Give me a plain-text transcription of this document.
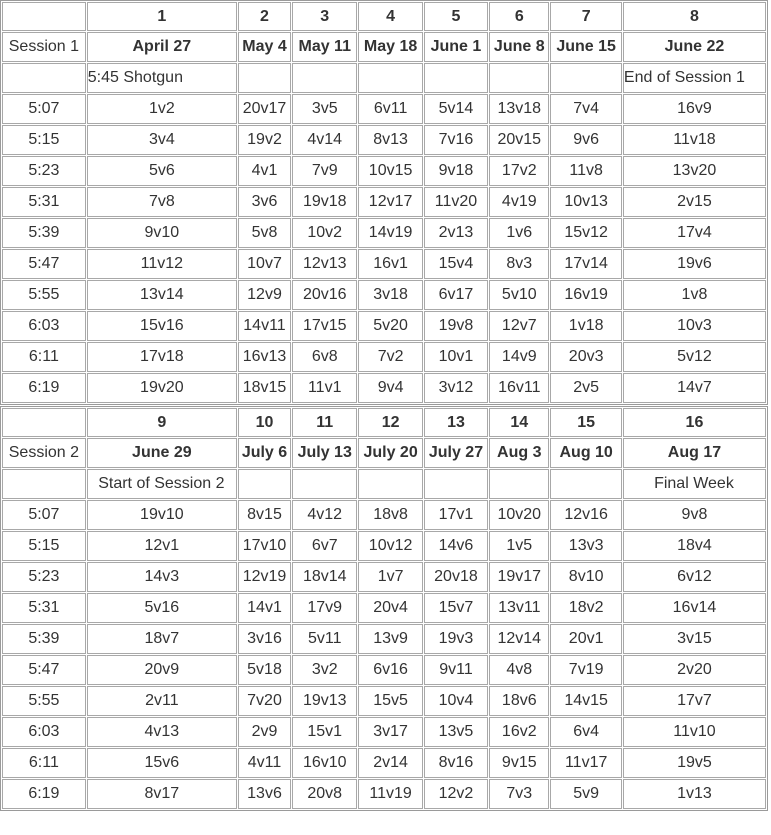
	1	2	3	4	5	6	7	8
Session 1	April 27	May 4	May 11	May 18	June 1	June 8	June 15	June 22
	5:45 Shotgun							End of Session 1
5:07	1v2	20v17	3v5	6v11	5v14	13v18	7v4	16v9
5:15	3v4	19v2	4v14	8v13	7v16	20v15	9v6	11v18
5:23	5v6	4v1	7v9	10v15	9v18	17v2	11v8	13v20
5:31	7v8	3v6	19v18	12v17	11v20	4v19	10v13	2v15
5:39	9v10	5v8	10v2	14v19	2v13	1v6	15v12	17v4
5:47	11v12	10v7	12v13	16v1	15v4	8v3	17v14	19v6
5:55	13v14	12v9	20v16	3v18	6v17	5v10	16v19	1v8
6:03	15v16	14v11	17v15	5v20	19v8	12v7	1v18	10v3
6:11	17v18	16v13	6v8	7v2	10v1	14v9	20v3	5v12
6:19	19v20	18v15	11v1	9v4	3v12	16v11	2v5	14v7
	9	10	11	12	13	14	15	16
Session 2	June 29	July 6	July 13	July 20	July 27	Aug 3	Aug 10	Aug 17
	Start of Session 2							Final Week
5:07	19v10	8v15	4v12	18v8	17v1	10v20	12v16	9v8
5:15	12v1	17v10	6v7	10v12	14v6	1v5	13v3	18v4
5:23	14v3	12v19	18v14	1v7	20v18	19v17	8v10	6v12
5:31	5v16	14v1	17v9	20v4	15v7	13v11	18v2	16v14
5:39	18v7	3v16	5v11	13v9	19v3	12v14	20v1	3v15
5:47	20v9	5v18	3v2	6v16	9v11	4v8	7v19	2v20
5:55	2v11	7v20	19v13	15v5	10v4	18v6	14v15	17v7
6:03	4v13	2v9	15v1	3v17	13v5	16v2	6v4	11v10
6:11	15v6	4v11	16v10	2v14	8v16	9v15	11v17	19v5
6:19	8v17	13v6	20v8	11v19	12v2	7v3	5v9	1v13
